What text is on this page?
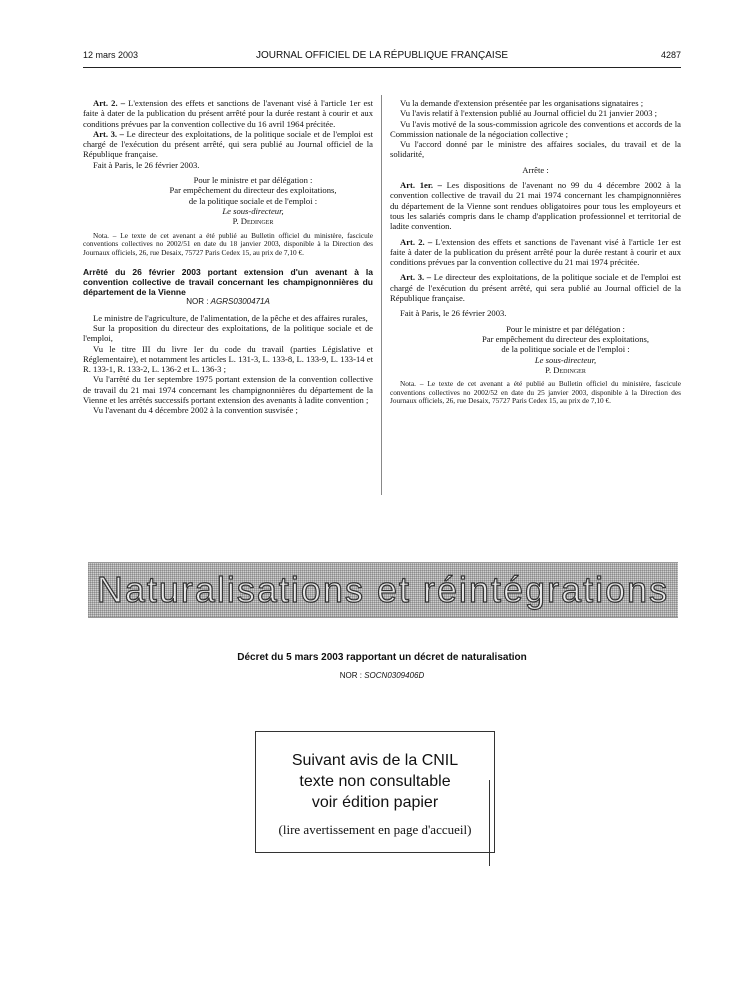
12 mars 2003	JOURNAL OFFICIEL DE LA RÉPUBLIQUE FRANÇAISE	4287

Art. 2. – L'extension des effets et sanctions de l'avenant visé à l'article 1er est faite à dater de la publication du présent arrêté pour la durée restant à courir et aux conditions prévues par la convention collective du 16 avril 1964 précitée.

Art. 3. – Le directeur des exploitations, de la politique sociale et de l'emploi est chargé de l'exécution du présent arrêté, qui sera publié au Journal officiel de la République française.

Fait à Paris, le 26 février 2003.

Pour le ministre et par délégation :

Par empêchement du directeur des exploitations,

de la politique sociale et de l'emploi :

Le sous-directeur,

P. Dedinger

Nota. – Le texte de cet avenant a été publié au Bulletin officiel du ministère, fascicule conventions collectives no 2002/51 en date du 18 janvier 2003, disponible à la Direction des Journaux officiels, 26, rue Desaix, 75727 Paris Cedex 15, au prix de 7,10 €.

Arrêté du 26 février 2003 portant extension d'un avenant à la convention collective de travail concernant les champignonnières du département de la Vienne

NOR : AGRS0300471A

Le ministre de l'agriculture, de l'alimentation, de la pêche et des affaires rurales,

Sur la proposition du directeur des exploitations, de la politique sociale et de l'emploi,

Vu le titre III du livre Ier du code du travail (parties Législative et Réglementaire), et notamment les articles L. 131-3, L. 133-8, L. 133-9, L. 133-14 et R. 133-1, R. 133-2, L. 136-2 et L. 136-3 ;

Vu l'arrêté du 1er septembre 1975 portant extension de la convention collective de travail du 21 mai 1974 concernant les champignonnières du département de la Vienne et les arrêtés successifs portant extension des avenants à ladite convention ;

Vu l'avenant du 4 décembre 2002 à la convention susvisée ;

Vu la demande d'extension présentée par les organisations signataires ;

Vu l'avis relatif à l'extension publié au Journal officiel du 21 janvier 2003 ;

Vu l'avis motivé de la sous-commission agricole des conventions et accords de la Commission nationale de la négociation collective ;

Vu l'accord donné par le ministre des affaires sociales, du travail et de la solidarité,

Arrête :

Art. 1er. – Les dispositions de l'avenant no 99 du 4 décembre 2002 à la convention collective de travail du 21 mai 1974 concernant les champignonnières du département de la Vienne sont rendues obligatoires pour tous les employeurs et tous les salariés compris dans le champ d'application professionnel et territorial de ladite convention.

Art. 2. – L'extension des effets et sanctions de l'avenant visé à l'article 1er est faite à dater de la publication du présent arrêté pour la durée restant à courir et aux conditions prévues par la convention collective du 21 mai 1974 précitée.

Art. 3. – Le directeur des exploitations, de la politique sociale et de l'emploi est chargé de l'exécution du présent arrêté, qui sera publié au Journal officiel de la République française.

Fait à Paris, le 26 février 2003.

Pour le ministre et par délégation :

Par empêchement du directeur des exploitations,

de la politique sociale et de l'emploi :

Le sous-directeur,

P. Dedinger

Nota. – Le texte de cet avenant a été publié au Bulletin officiel du ministère, fascicule conventions collectives no 2002/52 en date du 25 janvier 2003, disponible à la Direction des Journaux officiels, 26, rue Desaix, 75727 Paris Cedex 15, au prix de 7,10 €.

Naturalisations et réintégrations
Décret du 5 mars 2003 rapportant un décret de naturalisation
NOR : SOCN0309406D
Suivant avis de la CNIL
texte non consultable
voir édition papier
(lire avertissement en page d'accueil)
